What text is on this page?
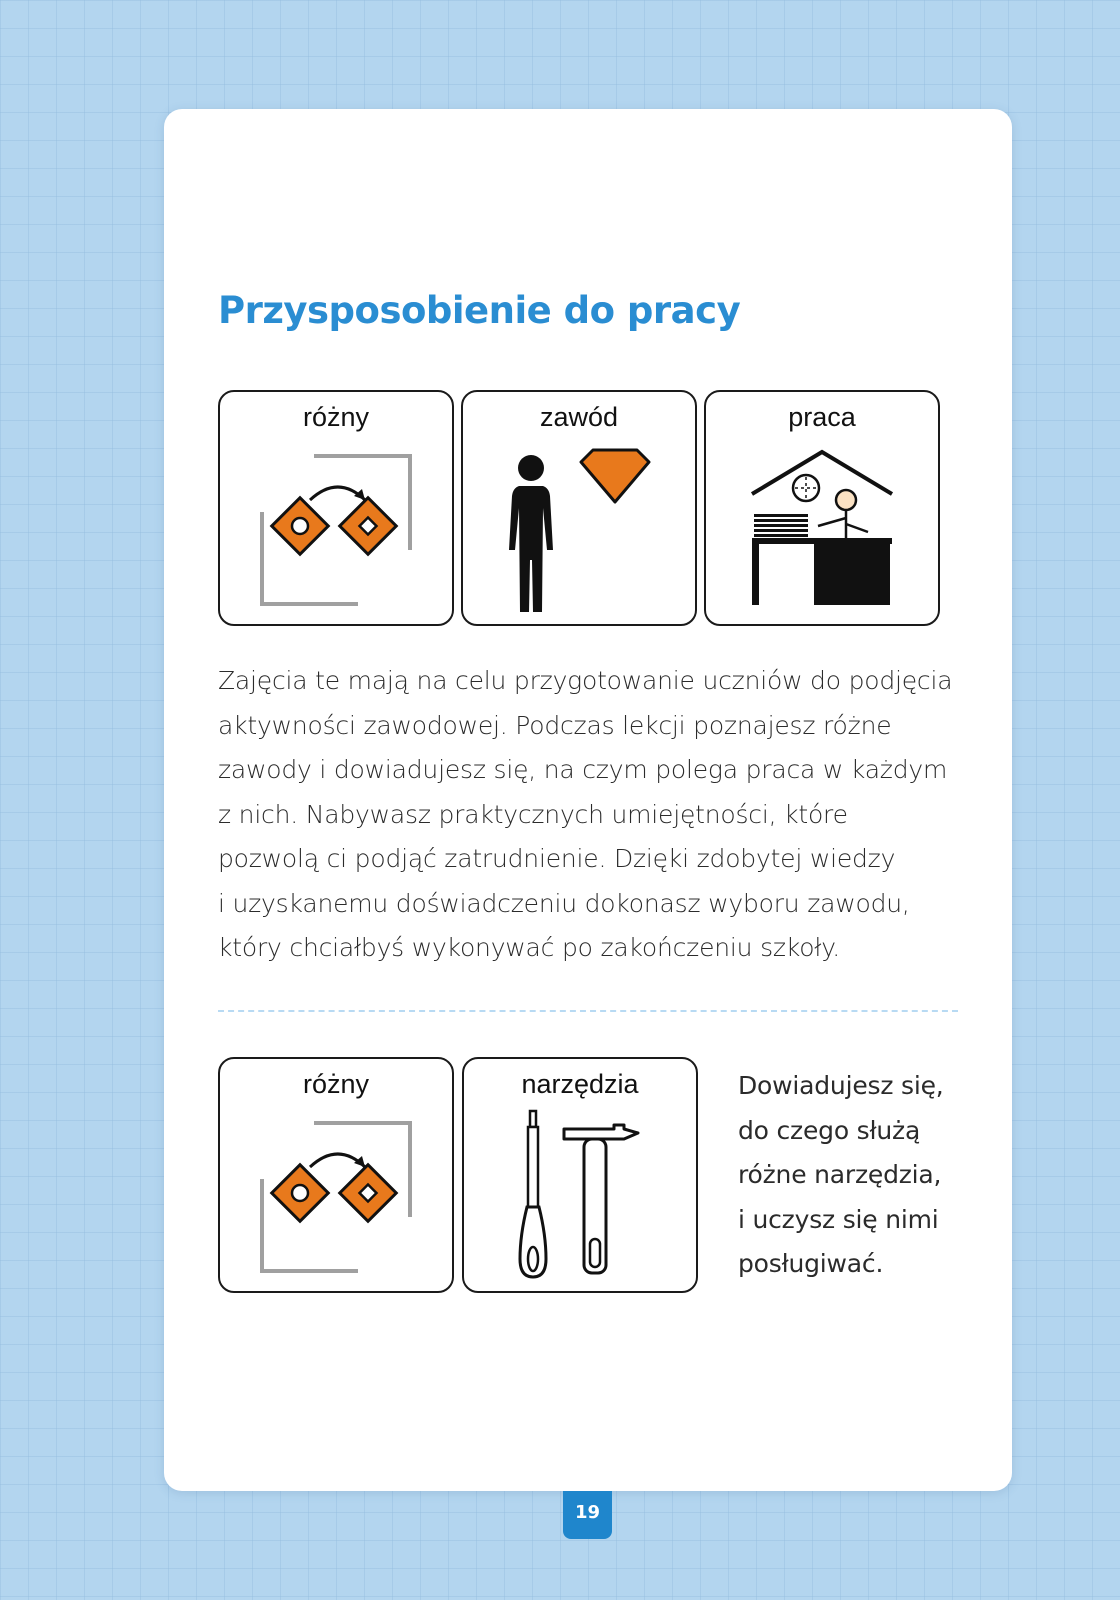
Przysposobienie do pracy
różny	zawód	praca

Zajęcia te mają na celu przygotowanie uczniów do podjęcia
aktywności zawodowej. Podczas lekcji poznajesz różne
zawody i dowiadujesz się, na czym polega praca w każdym
z nich. Nabywasz praktycznych umiejętności, które
pozwolą ci podjąć zatrudnienie. Dzięki zdobytej wiedzy
i uzyskanemu doświadczeniu dokonasz wyboru zawodu,
który chciałbyś wykonywać po zakończeniu szkoły.

różny	narzędzia	Dowiadujesz się,
do czego służą
różne narzędzia,
i uczysz się nimi
posługiwać.

19
